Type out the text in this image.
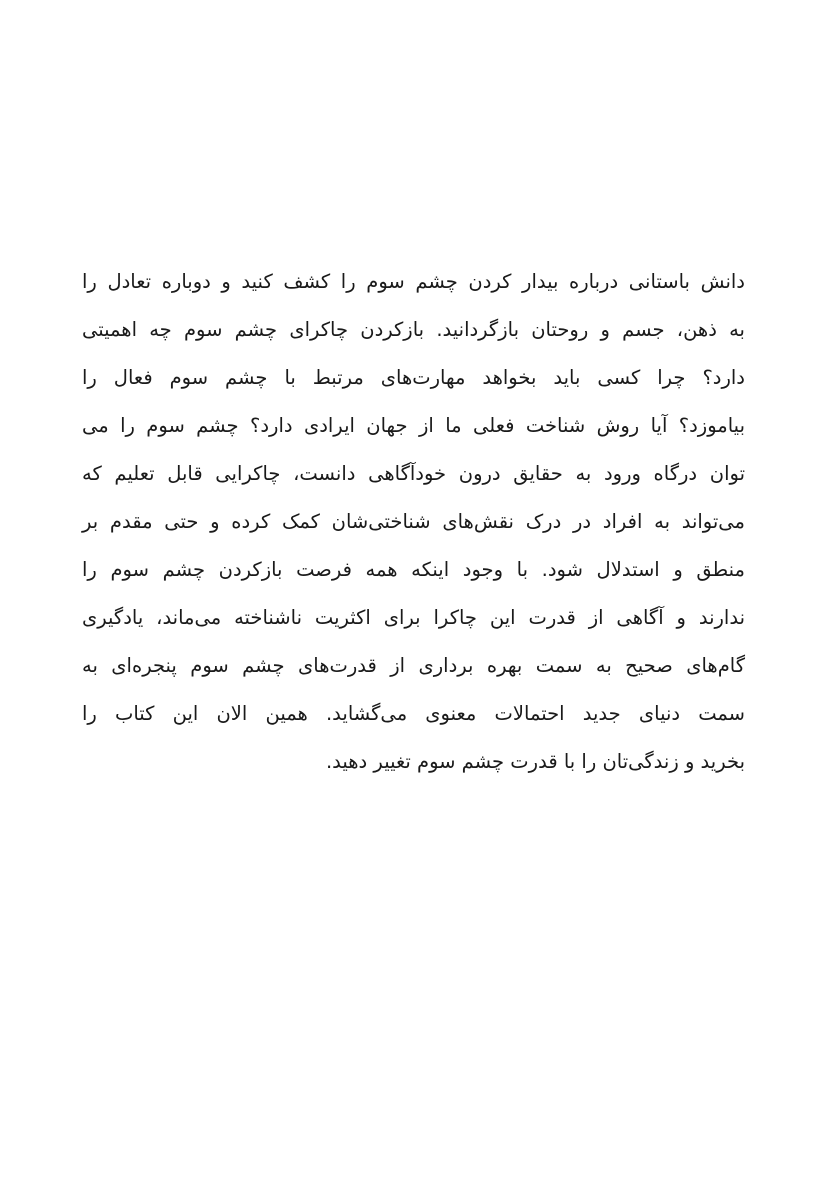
دانش باستانی درباره بیدار کردن چشم سوم را کشف کنید و دوباره تعادل را
به ذهن، جسم و روحتان بازگردانید. بازکردن چاکرای چشم سوم چه اهمیتی
دارد؟ چرا کسی باید بخواهد مهارت‌های مرتبط با چشم سوم فعال را
بیاموزد؟ آیا روش شناخت فعلی ما از جهان ایرادی دارد؟ چشم سوم را می
توان درگاه ورود به حقایق درون خودآگاهی دانست، چاکرایی قابل تعلیم که
می‌تواند به افراد در درک نقش‌های شناختی‌شان کمک کرده و حتی مقدم بر
منطق و استدلال شود. با وجود اینکه همه فرصت بازکردن چشم سوم را
ندارند و آگاهی از قدرت این چاکرا برای اکثریت ناشناخته می‌ماند، یادگیری
گام‌های صحیح به سمت بهره برداری از قدرت‌های چشم سوم پنجره‌ای به
سمت دنیای جدید احتمالات معنوی می‌گشاید. همین الان این کتاب را
بخرید و زندگی‌تان را با قدرت چشم سوم تغییر دهید.
